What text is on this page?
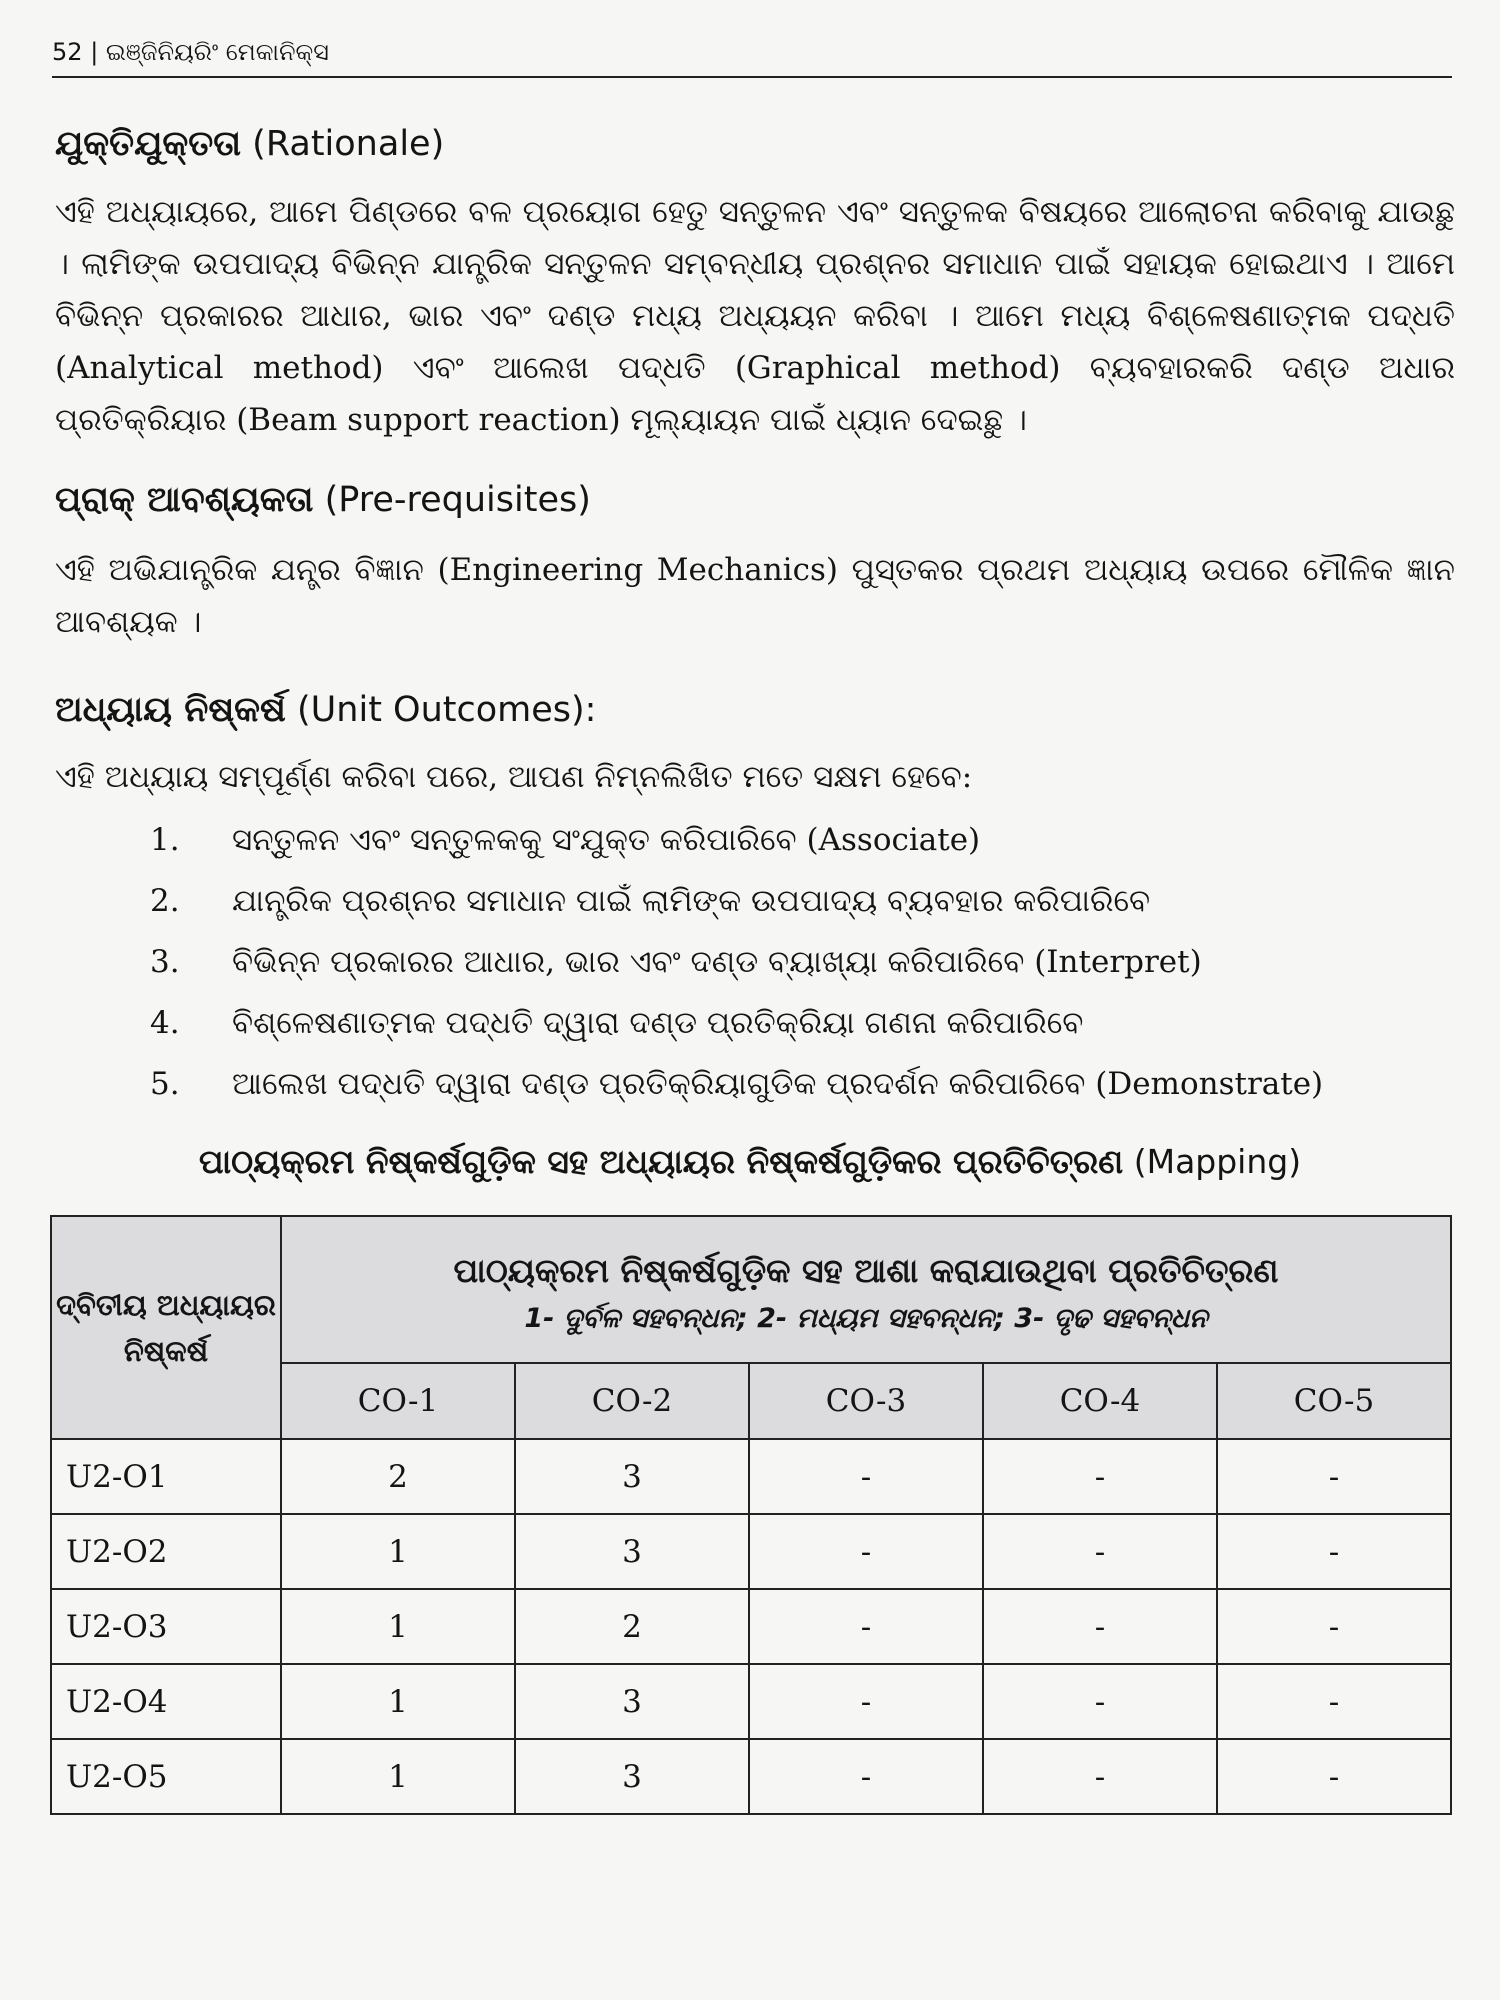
52 | ଇଞ୍ଜିନିୟରିଂ ମେକାନିକ୍ସ
ଯୁକ୍ତିଯୁକ୍ତତା (Rationale)
ଏହି ଅଧ୍ୟାୟରେ, ଆମେ ପିଣ୍ଡରେ ବଳ ପ୍ରୟୋଗ ହେତୁ ସନ୍ତୁଳନ ଏବଂ ସନ୍ତୁଳକ ବିଷୟରେ ଆଲୋଚନା କରିବାକୁ ଯାଉଛୁ । ଲାମିଙ୍କ ଉପପାଦ୍ୟ ବିଭିନ୍ନ ଯାନ୍ତ୍ରିକ ସନ୍ତୁଳନ ସମ୍ବନ୍ଧୀୟ ପ୍ରଶ୍ନର ସମାଧାନ ପାଇଁ ସହାୟକ ହୋଇଥାଏ । ଆମେ ବିଭିନ୍ନ ପ୍ରକାରର ଆଧାର, ଭାର ଏବଂ ଦଣ୍ଡ ମଧ୍ୟ ଅଧ୍ୟୟନ କରିବା । ଆମେ ମଧ୍ୟ ବିଶ୍ଳେଷଣାତ୍ମକ ପଦ୍ଧତି (Analytical method) ଏବଂ ଆଲେଖ ପଦ୍ଧତି (Graphical method) ବ୍ୟବହାରକରି ଦଣ୍ଡ ଅଧାର ପ୍ରତିକ୍ରିୟାର (Beam support reaction) ମୂଲ୍ୟାୟନ ପାଇଁ ଧ୍ୟାନ ଦେଇଛୁ ।
ପ୍ରାକ୍ ଆବଶ୍ୟକତା (Pre-requisites)
ଏହି ଅଭିଯାନ୍ତ୍ରିକ ଯନ୍ତ୍ର ବିଜ୍ଞାନ (Engineering Mechanics) ପୁସ୍ତକର ପ୍ରଥମ ଅଧ୍ୟାୟ ଉପରେ ମୌଳିକ ଜ୍ଞାନ ଆବଶ୍ୟକ ।
ଅଧ୍ୟାୟ ନିଷ୍କର୍ଷ (Unit Outcomes):
ଏହି ଅଧ୍ୟାୟ ସମ୍ପୂର୍ଣ୍ଣ କରିବା ପରେ, ଆପଣ ନିମ୍ନଲିଖିତ ମତେ ସକ୍ଷମ ହେବେ:
1.	ସନ୍ତୁଳନ ଏବଂ ସନ୍ତୁଳକକୁ ସଂଯୁକ୍ତ କରିପାରିବେ (Associate)
2.	ଯାନ୍ତ୍ରିକ ପ୍ରଶ୍ନର ସମାଧାନ ପାଇଁ ଲାମିଙ୍କ ଉପପାଦ୍ୟ ବ୍ୟବହାର କରିପାରିବେ
3.	ବିଭିନ୍ନ ପ୍ରକାରର ଆଧାର, ଭାର ଏବଂ ଦଣ୍ଡ ବ୍ୟାଖ୍ୟା କରିପାରିବେ (Interpret)
4.	ବିଶ୍ଳେଷଣାତ୍ମକ ପଦ୍ଧତି ଦ୍ୱାରା ଦଣ୍ଡ ପ୍ରତିକ୍ରିୟା ଗଣନା କରିପାରିବେ
5.	ଆଲେଖ ପଦ୍ଧତି ଦ୍ୱାରା ଦଣ୍ଡ ପ୍ରତିକ୍ରିୟାଗୁଡିକ ପ୍ରଦର୍ଶନ କରିପାରିବେ (Demonstrate)
ପାଠ୍ୟକ୍ରମ ନିଷ୍କର୍ଷଗୁଡ଼ିକ ସହ ଅଧ୍ୟାୟର ନିଷ୍କର୍ଷଗୁଡ଼ିକର ପ୍ରତିଚିତ୍ରଣ (Mapping)
ଦ୍ବିତୀୟ ଅଧ୍ୟାୟର ନିଷ୍କର୍ଷ	ପାଠ୍ୟକ୍ରମ ନିଷ୍କର୍ଷଗୁଡ଼ିକ ସହ ଆଶା କରାଯାଉଥିବା ପ୍ରତିଚିତ୍ରଣ
1- ଦୁର୍ବଳ ସହବନ୍ଧନ; 2- ମଧ୍ୟମ ସହବନ୍ଧନ; 3- ଦୃଢ ସହବନ୍ଧନ				

	CO-1	CO-2	CO-3	CO-4	CO-5
U2-O1	2	3	-	-	-
U2-O2	1	3	-	-	-
U2-O3	1	2	-	-	-
U2-O4	1	3	-	-	-
U2-O5	1	3	-	-	-
